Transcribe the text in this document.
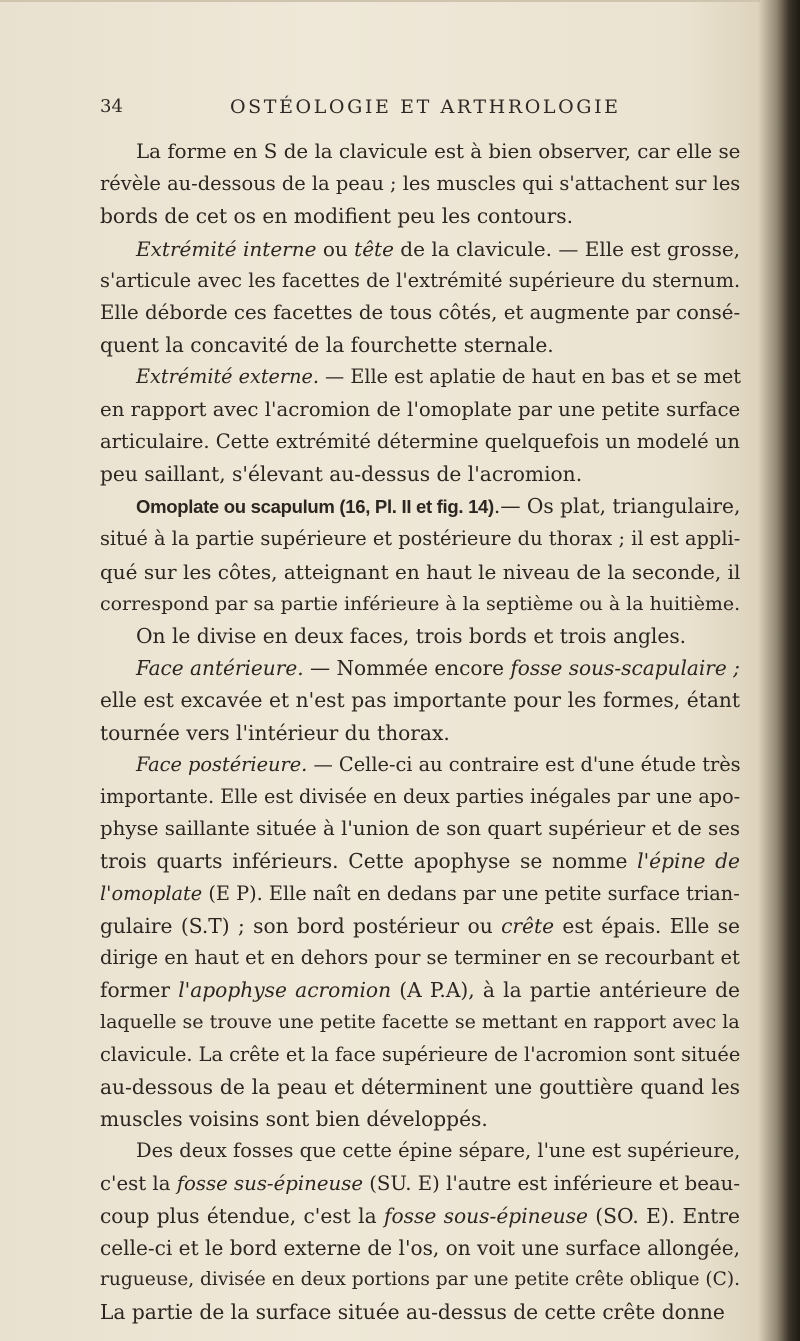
34	OSTÉOLOGIE ET ARTHROLOGIE
La forme en S de la clavicule est à bien observer, car elle se
révèle au-dessous de la peau ; les muscles qui s'attachent sur les
bords de cet os en modifient peu les contours.
Extrémité interne ou tête de la clavicule. — Elle est grosse,
s'articule avec les facettes de l'extrémité supérieure du sternum.
Elle déborde ces facettes de tous côtés, et augmente par consé-
quent la concavité de la fourchette sternale.
Extrémité externe. — Elle est aplatie de haut en bas et se met
en rapport avec l'acromion de l'omoplate par une petite surface
articulaire. Cette extrémité détermine quelquefois un modelé un
peu saillant, s'élevant au-dessus de l'acromion.
Omoplate ou scapulum (16, Pl. II et fig. 14).— Os plat, triangulaire,
situé à la partie supérieure et postérieure du thorax ; il est appli-
qué sur les côtes, atteignant en haut le niveau de la seconde, il
correspond par sa partie inférieure à la septième ou à la huitième.
On le divise en deux faces, trois bords et trois angles.
Face antérieure. — Nommée encore fosse sous-scapulaire ;
elle est excavée et n'est pas importante pour les formes, étant
tournée vers l'intérieur du thorax.
Face postérieure. — Celle-ci au contraire est d'une étude très
importante. Elle est divisée en deux parties inégales par une apo-
physe saillante située à l'union de son quart supérieur et de ses
trois quarts inférieurs. Cette apophyse se nomme l'épine de
l'omoplate (E P). Elle naît en dedans par une petite surface trian-
gulaire (S.T) ; son bord postérieur ou crête est épais. Elle se
dirige en haut et en dehors pour se terminer en se recourbant et
former l'apophyse acromion (A P.A), à la partie antérieure de
laquelle se trouve une petite facette se mettant en rapport avec la
clavicule. La crête et la face supérieure de l'acromion sont située
au-dessous de la peau et déterminent une gouttière quand les
muscles voisins sont bien développés.
Des deux fosses que cette épine sépare, l'une est supérieure,
c'est la fosse sus-épineuse (SU. E) l'autre est inférieure et beau-
coup plus étendue, c'est la fosse sous-épineuse (SO. E). Entre
celle-ci et le bord externe de l'os, on voit une surface allongée,
rugueuse, divisée en deux portions par une petite crête oblique (C).
La partie de la surface située au-dessus de cette crête donne
